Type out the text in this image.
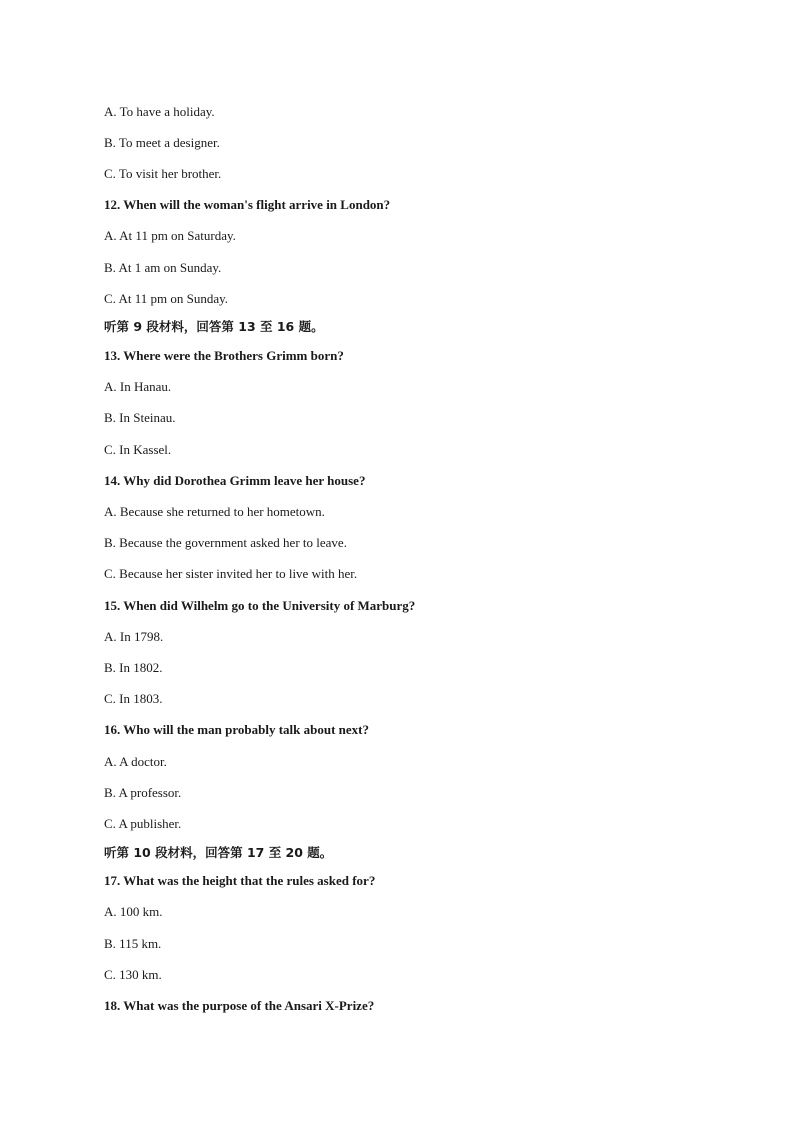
A. To have a holiday.
B. To meet a designer.
C. To visit her brother.
12. When will the woman's flight arrive in London?
A. At 11 pm on Saturday.
B. At 1 am on Sunday.
C. At 11 pm on Sunday.
听第 9 段材料，回答第 13 至 16 题。
13. Where were the Brothers Grimm born?
A. In Hanau.
B. In Steinau.
C. In Kassel.
14. Why did Dorothea Grimm leave her house?
A. Because she returned to her hometown.
B. Because the government asked her to leave.
C. Because her sister invited her to live with her.
15. When did Wilhelm go to the University of Marburg?
A. In 1798.
B. In 1802.
C. In 1803.
16. Who will the man probably talk about next?
A. A doctor.
B. A professor.
C. A publisher.
听第 10 段材料，回答第 17 至 20 题。
17. What was the height that the rules asked for?
A. 100 km.
B. 115 km.
C. 130 km.
18. What was the purpose of the Ansari X-Prize?
